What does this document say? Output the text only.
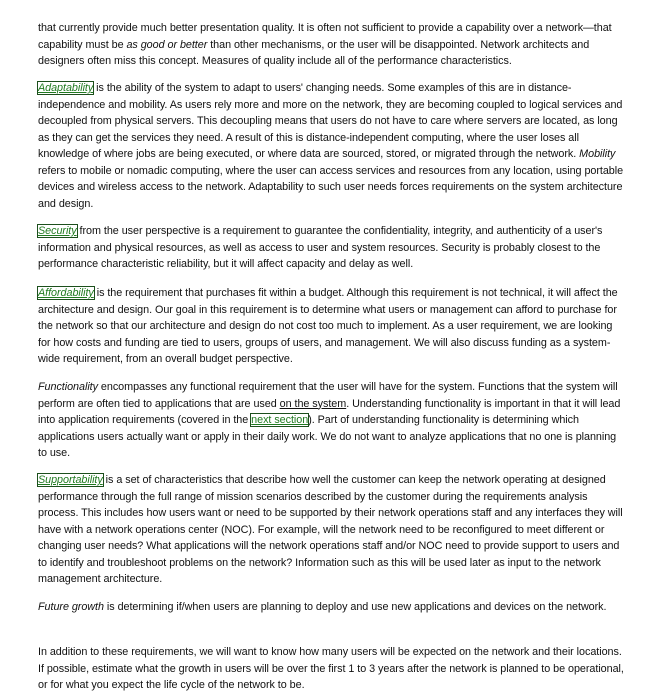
that currently provide much better presentation quality. It is often not sufficient to provide a capability over a network—that capability must be as good or better than other mechanisms, or the user will be disappointed. Network architects and designers often miss this concept. Measures of quality include all of the performance characteristics.

Adaptability is the ability of the system to adapt to users' changing needs. Some examples of this are in distance-independence and mobility. As users rely more and more on the network, they are becoming coupled to logical services and decoupled from physical servers. This decoupling means that users do not have to care where servers are located, as long as they can get the services they need. A result of this is distance-independent computing, where the user loses all knowledge of where jobs are being executed, or where data are sourced, stored, or migrated through the network. Mobility refers to mobile or nomadic computing, where the user can access services and resources from any location, using portable devices and wireless access to the network. Adaptability to such user needs forces requirements on the system architecture and design.

Security from the user perspective is a requirement to guarantee the confidentiality, integrity, and authenticity of a user's information and physical resources, as well as access to user and system resources. Security is probably closest to the performance characteristic reliability, but it will affect capacity and delay as well.

Affordability is the requirement that purchases fit within a budget. Although this requirement is not technical, it will affect the architecture and design. Our goal in this requirement is to determine what users or management can afford to purchase for the network so that our architecture and design do not cost too much to implement. As a user requirement, we are looking for how costs and funding are tied to users, groups of users, and management. We will also discuss funding as a system-wide requirement, from an overall budget perspective.

Functionality encompasses any functional requirement that the user will have for the system. Functions that the system will perform are often tied to applications that are used on the system. Understanding functionality is important in that it will lead into application requirements (covered in the next section). Part of understanding functionality is determining which applications users actually want or apply in their daily work. We do not want to analyze applications that no one is planning to use.

Supportability is a set of characteristics that describe how well the customer can keep the network operating at designed performance through the full range of mission scenarios described by the customer during the requirements analysis process. This includes how users want or need to be supported by their network operations staff and any interfaces they will have with a network operations center (NOC). For example, will the network need to be reconfigured to meet different or changing user needs? What applications will the network operations staff and/or NOC need to provide support to users and to identify and troubleshoot problems on the network? Information such as this will be used later as input to the network management architecture.

Future growth is determining if/when users are planning to deploy and use new applications and devices on the network.

In addition to these requirements, we will want to know how many users will be expected on the network and their locations. If possible, estimate what the growth in users will be over the first 1 to 3 years after the network is planned to be operational, or for what you expect the life cycle of the network to be.
